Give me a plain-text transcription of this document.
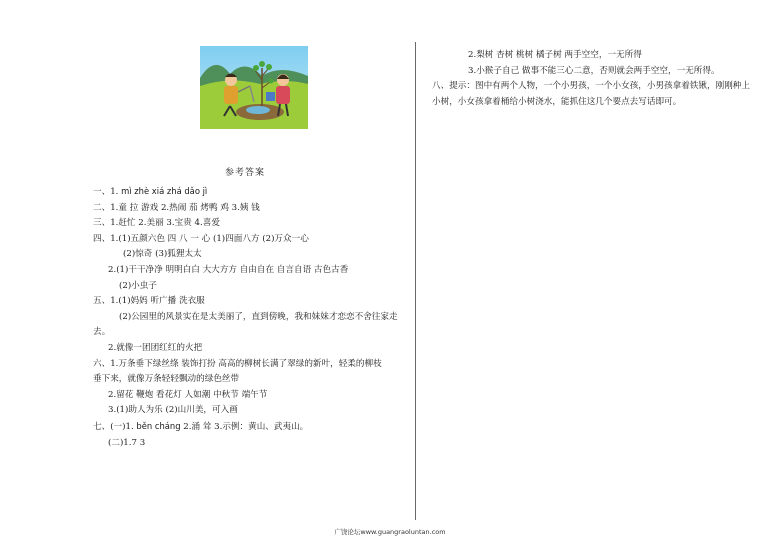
参考答案
一、1. mì zhè xiá zhá dǎo jì
二、1.童 拉 游戏 2.热闹 茄 烤鸭 鸡 3.姨 钱
三、1.赶忙 2.美丽 3.宝贵 4.喜爱
四、1.(1)五颜六色 四 八 一 心 (1)四面八方 (2)万众一心
(2)惊奇 (3)狐狸太太
2.(1)干干净净 明明白白 大大方方 自由自在 自言自语 古色古香
(2)小虫子
五、1.(1)妈妈 听广播 洗衣服
(2)公园里的风景实在是太美丽了，直到傍晚，我和妹妹才恋恋不舍往家走
去。
2.就像一团团红红的火把
六、1.万条垂下绿丝绦 装饰打扮 高高的柳树长满了翠绿的新叶，轻柔的柳枝
垂下来，就像万条轻轻飘动的绿色丝带
2.留花 鞭炮 看花灯 人如潮 中秋节 端午节
3.(1)助人为乐 (2)山川美，可入画
七、(一)1. běn cháng 2.涌 耸 3.示例：黄山、武夷山。
(二)1.7 3
2.梨树 杏树 桃树 橘子树 两手空空，一无所得
3.小猴子自己 做事不能三心二意，否则就会两手空空，一无所得。
八、提示：图中有两个人物，一个小男孩，一个小女孩，小男孩拿着铁锹，刚刚种上
小树，小女孩拿着桶给小树浇水，能抓住这几个要点去写话即可。
广饶论坛www.guangraoluntan.com
